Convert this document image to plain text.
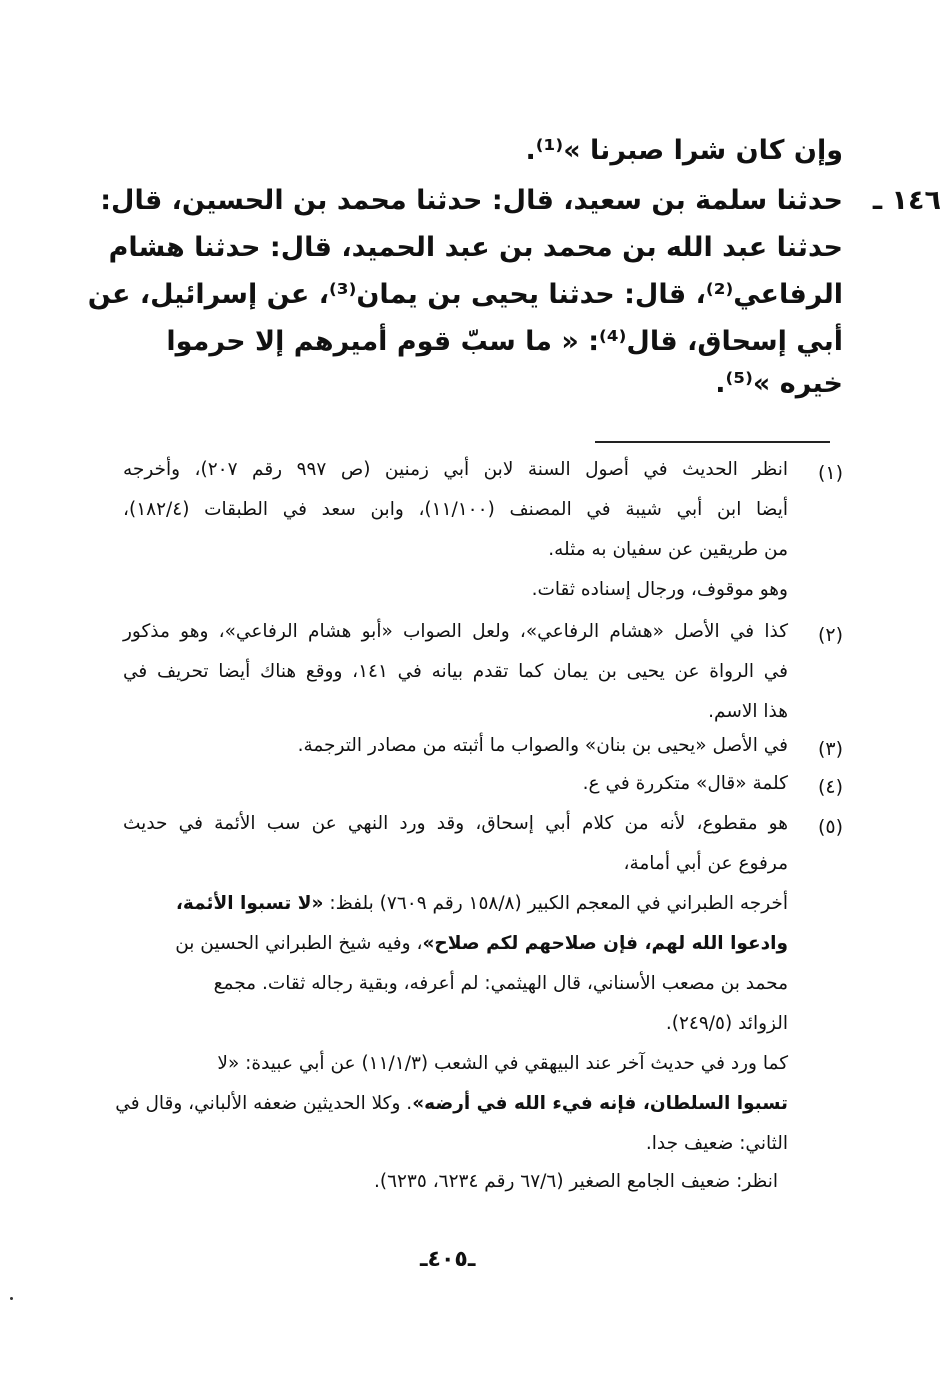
وإن كان شرا صبرنا »⁽¹⁾.
حدثنا سلمة بن سعيد، قال: حدثنا محمد بن الحسين، قال:
حدثنا عبد الله بن محمد بن عبد الحميد، قال: حدثنا هشام
الرفاعي⁽²⁾، قال: حدثنا يحيى بن يمان⁽³⁾، عن إسرائيل، عن
أبي إسحاق، قال⁽⁴⁾: « ما سبّ قوم أميرهم إلا حرموا
خيره »⁽⁵⁾.
١٤٦ ـ
(١)
انظر الحديث في أصول السنة لابن أبي زمنين (ص ٩٩٧ رقم ٢٠٧)، وأخرجه
أيضا ابن أبي شيبة في المصنف (١١/١٠٠)، وابن سعد في الطبقات (١٨٢/٤)،
من طريقين عن سفيان به مثله.
وهو موقوف، ورجال إسناده ثقات.
(٢)
كذا في الأصل «هشام الرفاعي»، ولعل الصواب «أبو هشام الرفاعي»، وهو مذكور
في الرواة عن يحيى بن يمان كما تقدم بيانه في ١٤١، ووقع هناك أيضا تحريف في
هذا الاسم.
(٣)
في الأصل «يحيى بن بنان» والصواب ما أثبته من مصادر الترجمة.
(٤)
كلمة «قال» متكررة في ع.
(٥)
هو مقطوع، لأنه من كلام أبي إسحاق، وقد ورد النهي عن سب الأئمة في حديث
مرفوع عن أبي أمامة،
أخرجه الطبراني في المعجم الكبير (١٥٨/٨ رقم ٧٦٠٩) بلفظ: «لا تسبوا الأئمة،
وادعوا الله لهم، فإن صلاحهم لكم صلاح»، وفيه شيخ الطبراني الحسين بن
محمد بن مصعب الأسناني، قال الهيثمي: لم أعرفه، وبقية رجاله ثقات. مجمع
الزوائد (٢٤٩/٥).
كما ورد في حديث آخر عند البيهقي في الشعب (١١/١/٣) عن أبي عبيدة: «لا
تسبوا السلطان، فإنه فيء الله في أرضه». وكلا الحديثين ضعفه الألباني، وقال في
الثاني: ضعيف جدا.
انظر: ضعيف الجامع الصغير (٦٧/٦ رقم ٦٢٣٤، ٦٢٣٥).
ـ٤٠٥ـ
